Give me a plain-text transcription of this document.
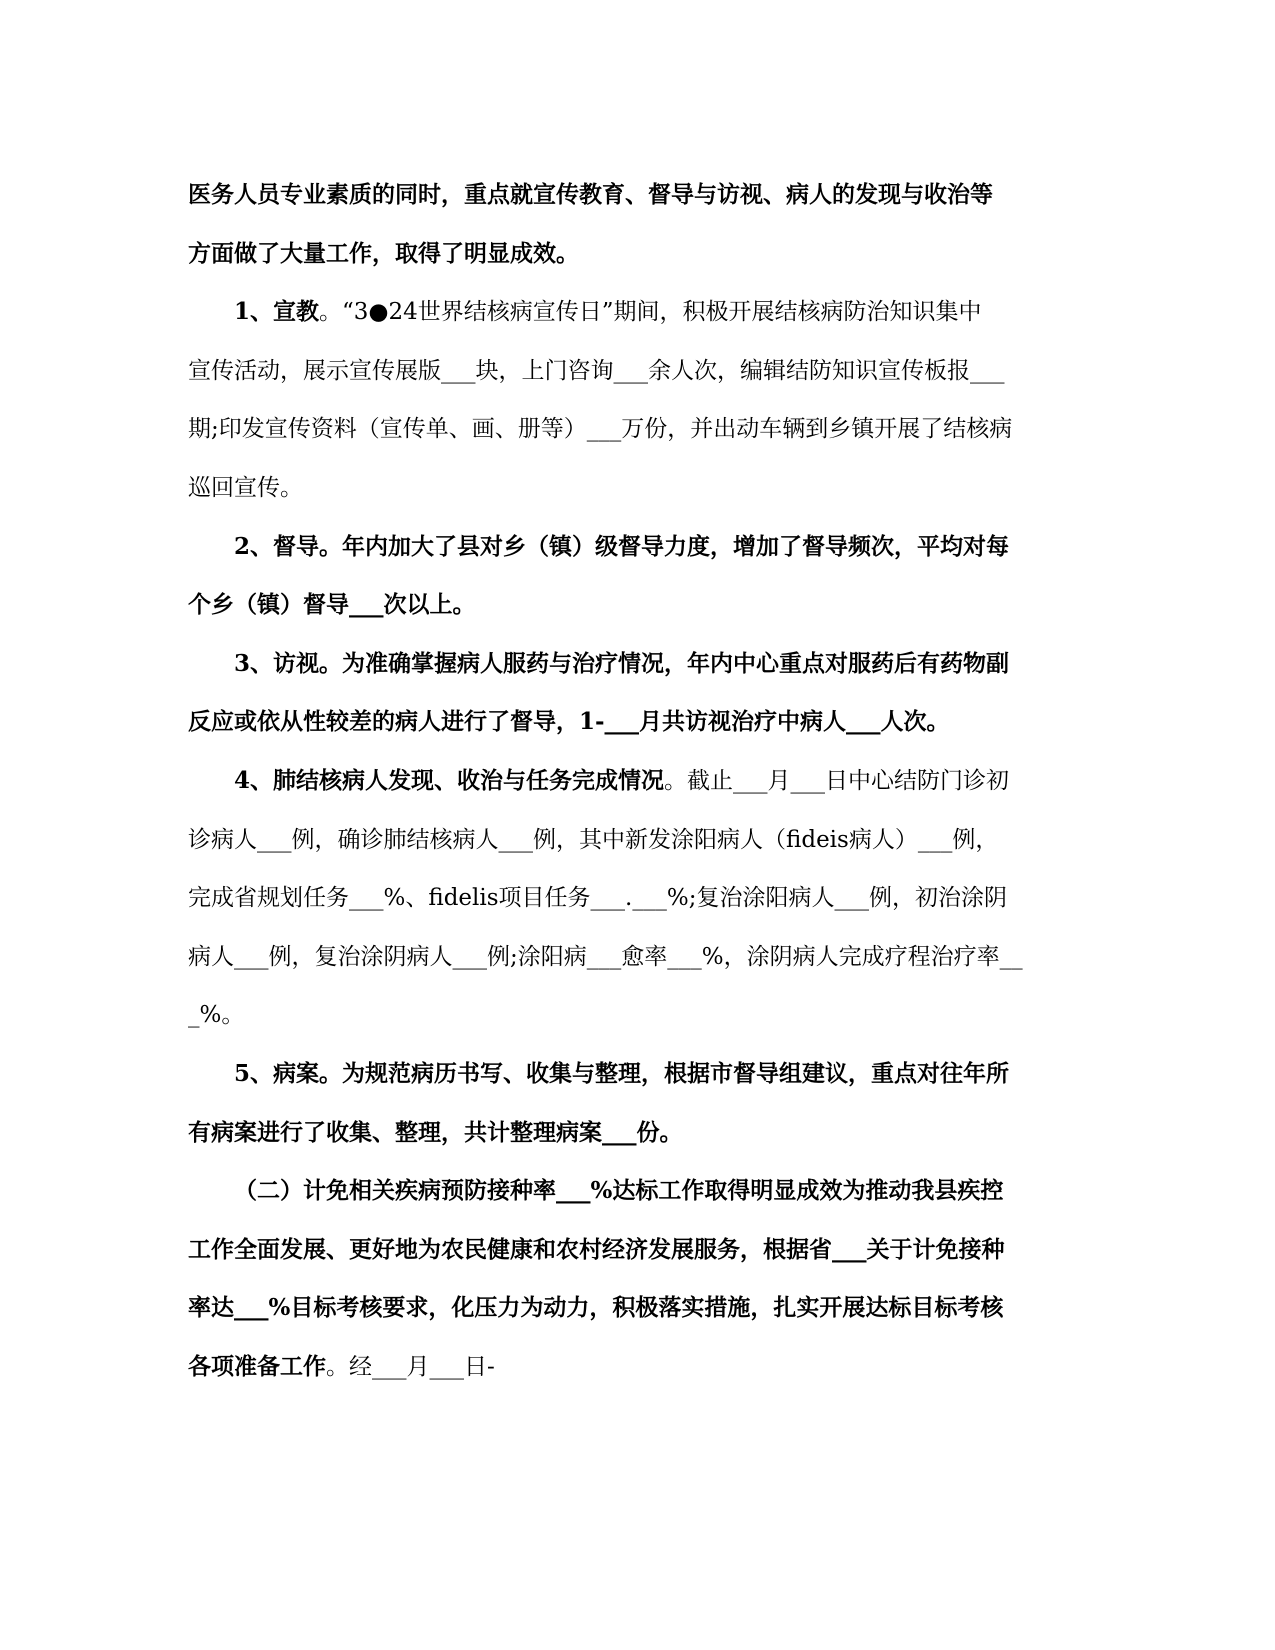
医务人员专业素质的同时，重点就宣传教育、督导与访视、病人的发现与收治等
方面做了大量工作，取得了明显成效。
1、宣教。“3●24世界结核病宣传日”期间，积极开展结核病防治知识集中
宣传活动，展示宣传展版___块，上门咨询___余人次，编辑结防知识宣传板报___
期;印发宣传资料（宣传单、画、册等）___万份，并出动车辆到乡镇开展了结核病
巡回宣传。
2、督导。年内加大了县对乡（镇）级督导力度，增加了督导频次，平均对每
个乡（镇）督导___次以上。
3、访视。为准确掌握病人服药与治疗情况，年内中心重点对服药后有药物副
反应或依从性较差的病人进行了督导，1-___月共访视治疗中病人___人次。
4、肺结核病人发现、收治与任务完成情况。截止___月___日中心结防门诊初
诊病人___例，确诊肺结核病人___例，其中新发涂阳病人（fideis病人）___例，
完成省规划任务___%、fidelis项目任务___.___%;复治涂阳病人___例，初治涂阴
病人___例，复治涂阴病人___例;涂阳病___愈率___%，涂阴病人完成疗程治疗率__
_%。
5、病案。为规范病历书写、收集与整理，根据市督导组建议，重点对往年所
有病案进行了收集、整理，共计整理病案___份。
（二）计免相关疾病预防接种率___%达标工作取得明显成效为推动我县疾控
工作全面发展、更好地为农民健康和农村经济发展服务，根据省___关于计免接种
率达___%目标考核要求，化压力为动力，积极落实措施，扎实开展达标目标考核
各项准备工作。经___月___日-
